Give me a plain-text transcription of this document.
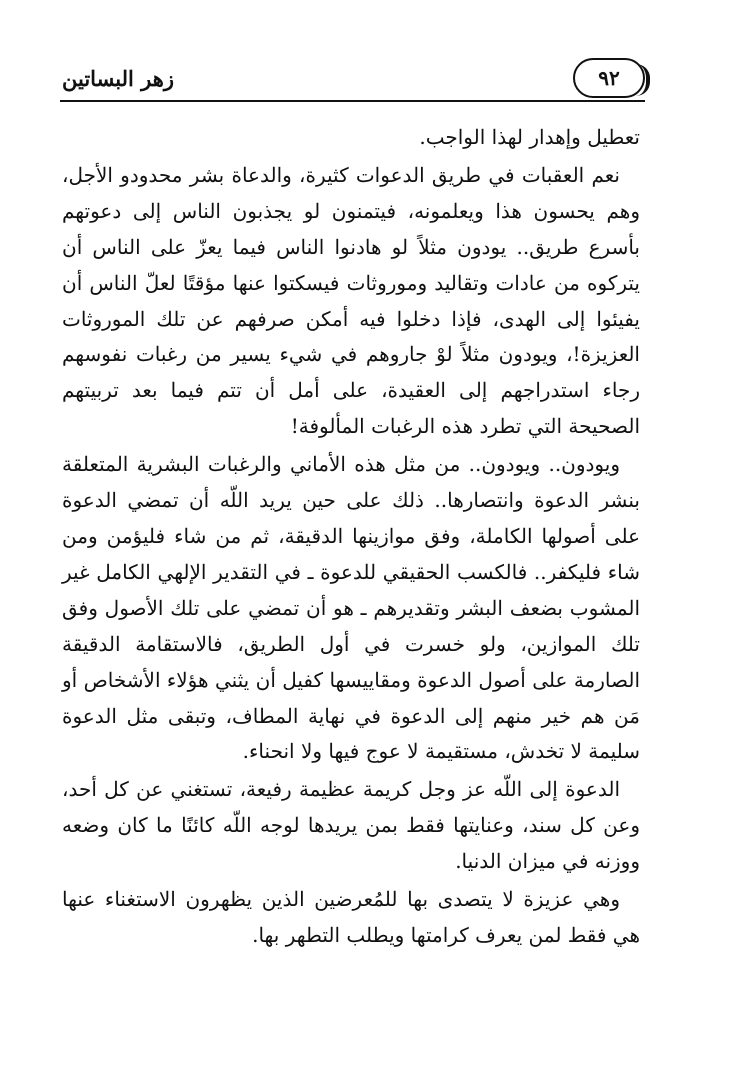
زهر البساتين	٩٢

تعطيل وإهدار لهذا الواجب.

نعم العقبات في طريق الدعوات كثيرة، والدعاة بشر محدودو الأجل، وهم يحسون هذا ويعلمونه، فيتمنون لو يجذبون الناس إلى دعوتهم بأسرع طريق.. يودون مثلاً لو هادنوا الناس فيما يعزّ على الناس أن يتركوه من عادات وتقاليد وموروثات فيسكتوا عنها مؤقتًا لعلّ الناس أن يفيئوا إلى الهدى، فإذا دخلوا فيه أمكن صرفهم عن تلك الموروثات العزيزة!، ويودون مثلاً لوْ جاروهم في شيء يسير من رغبات نفوسهم رجاء استدراجهم إلى العقيدة، على أمل أن تتم فيما بعد تربيتهم الصحيحة التي تطرد هذه الرغبات المألوفة!

ويودون.. ويودون.. من مثل هذه الأماني والرغبات البشرية المتعلقة بنشر الدعوة وانتصارها.. ذلك على حين يريد اللّه أن تمضي الدعوة على أصولها الكاملة، وفق موازينها الدقيقة، ثم من شاء فليؤمن ومن شاء فليكفر.. فالكسب الحقيقي للدعوة ـ في التقدير الإلهي الكامل غير المشوب بضعف البشر وتقديرهم ـ هو أن تمضي على تلك الأصول وفق تلك الموازين، ولو خسرت في أول الطريق، فالاستقامة الدقيقة الصارمة على أصول الدعوة ومقاييسها كفيل أن يثني هؤلاء الأشخاص أو مَن هم خير منهم إلى الدعوة في نهاية المطاف، وتبقى مثل الدعوة سليمة لا تخدش، مستقيمة لا عوج فيها ولا انحناء.

الدعوة إلى اللّه عز وجل كريمة عظيمة رفيعة، تستغني عن كل أحد، وعن كل سند، وعنايتها فقط بمن يريدها لوجه اللّه كائنًا ما كان وضعه ووزنه في ميزان الدنيا.

وهي عزيزة لا يتصدى بها للمُعرضين الذين يظهرون الاستغناء عنها هي فقط لمن يعرف كرامتها ويطلب التطهر بها.
